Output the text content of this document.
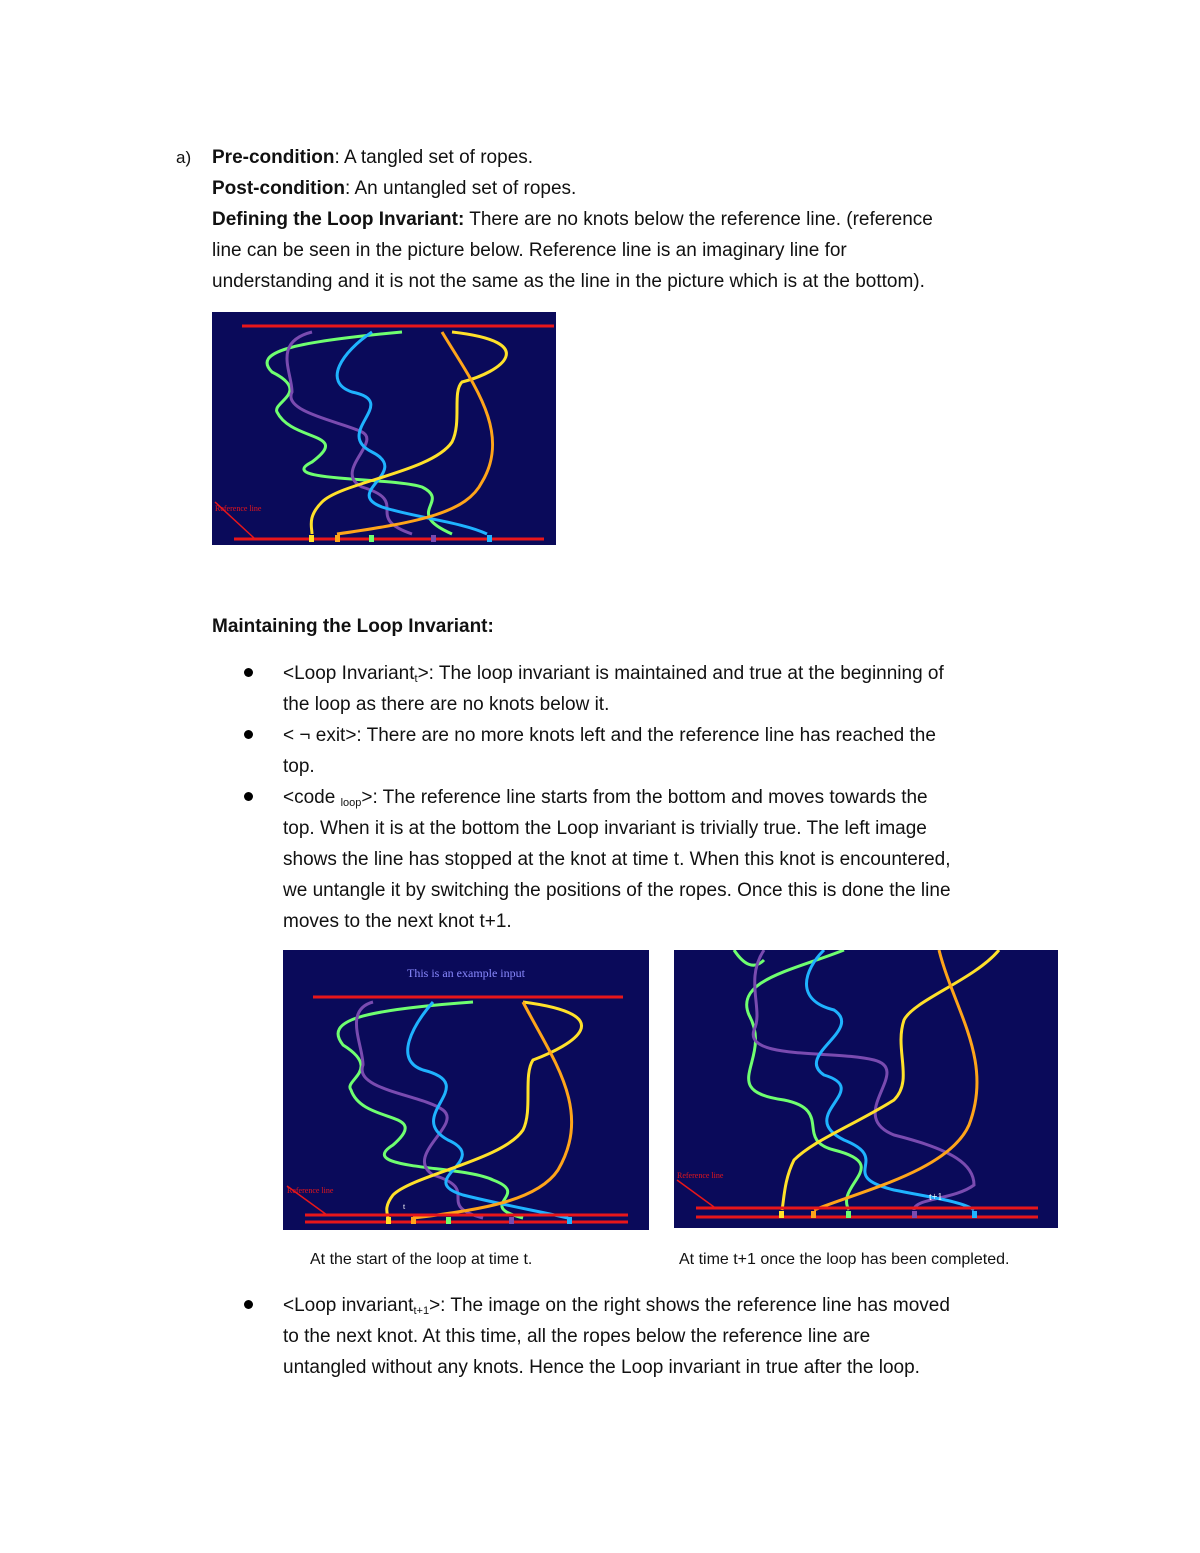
a) Pre-condition: A tangled set of ropes.
Post-condition: An untangled set of ropes.
Defining the Loop Invariant: There are no knots below the reference line. (reference
line can be seen in the picture below. Reference line is an imaginary line for
understanding and it is not the same as the line in the picture which is at the bottom).
Reference line
Maintaining the Loop Invariant:
<Loop Invariant$_t$>: The loop invariant is maintained and true at the beginning of
the loop as there are no knots below it.
< ¬ exit>: There are no more knots left and the reference line has reached the
top.
<code $_{loop}$>: The reference line starts from the bottom and moves towards the
top. When it is at the bottom the Loop invariant is trivially true. The left image
shows the line has stopped at the knot at time t. When this knot is encountered,
we untangle it by switching the positions of the ropes. Once this is done the line
moves to the next knot t+1.
This is an example input
Reference line
t
Reference line
t+1
At the start of the loop at time t.	At time t+1 once the loop has been completed.
<Loop invariant$_{t+1}$>: The image on the right shows the reference line has moved
to the next knot. At this time, all the ropes below the reference line are
untangled without any knots. Hence the Loop invariant in true after the loop.
